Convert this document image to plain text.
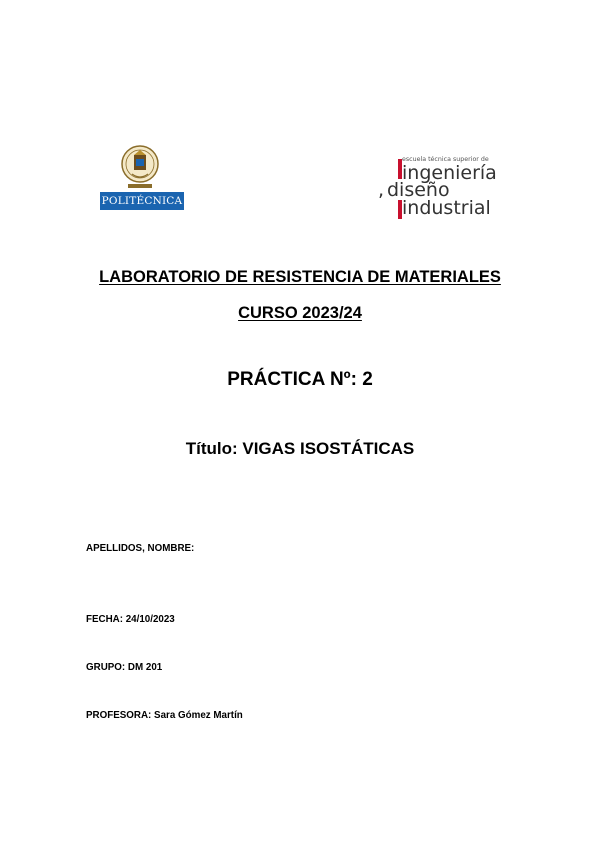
POLITÉCNICA
escuela técnica superior de
ingeniería
, diseño
industrial
LABORATORIO DE RESISTENCIA DE MATERIALES
CURSO 2023/24
PRÁCTICA Nº: 2
Título: VIGAS ISOSTÁTICAS
APELLIDOS, NOMBRE:
FECHA: 24/10/2023
GRUPO: DM 201
PROFESORA: Sara Gómez Martín
